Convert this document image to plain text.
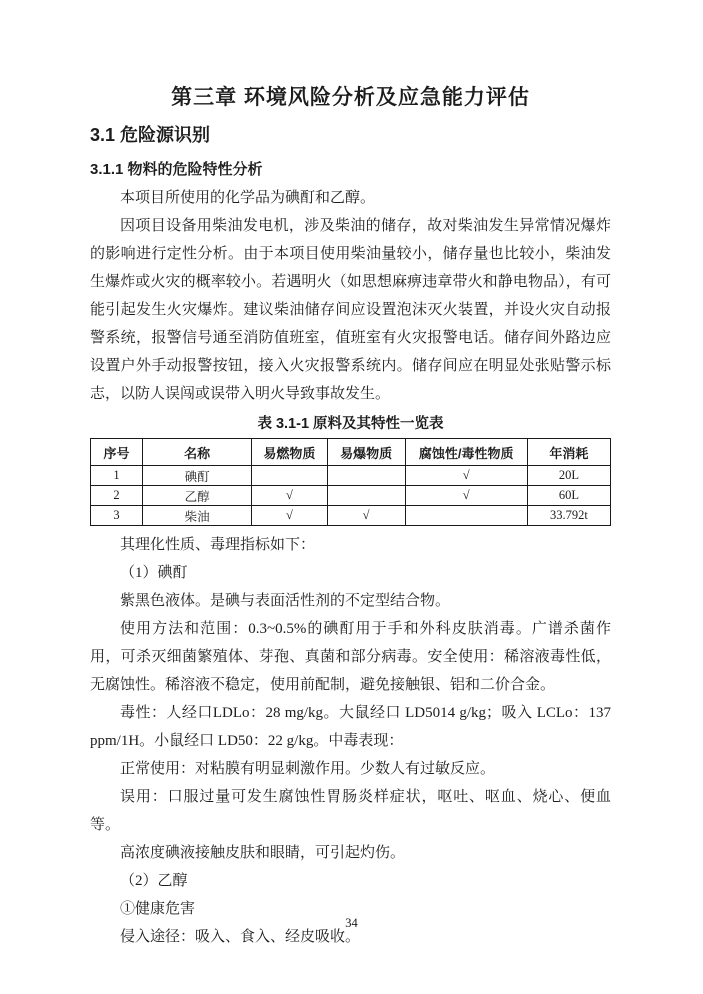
第三章 环境风险分析及应急能力评估
3.1 危险源识别
3.1.1 物料的危险特性分析

本项目所使用的化学品为碘酊和乙醇。

因项目设备用柴油发电机，涉及柴油的储存，故对柴油发生异常情况爆炸的影响进行定性分析。由于本项目使用柴油量较小，储存量也比较小，柴油发生爆炸或火灾的概率较小。若遇明火（如思想麻痹违章带火和静电物品），有可能引起发生火灾爆炸。建议柴油储存间应设置泡沫灭火装置，并设火灾自动报警系统，报警信号通至消防值班室，值班室有火灾报警电话。储存间外路边应设置户外手动报警按钮，接入火灾报警系统内。储存间应在明显处张贴警示标志，以防人误闯或误带入明火导致事故发生。

表 3.1-1 原料及其特性一览表

序号	名称	易燃物质	易爆物质	腐蚀性/毒性物质	年消耗
1	碘酊			√	20L
2	乙醇	√		√	60L
3	柴油	√	√		33.792t

其理化性质、毒理指标如下：

（1）碘酊

紫黑色液体。是碘与表面活性剂的不定型结合物。

使用方法和范围：0.3~0.5%的碘酊用于手和外科皮肤消毒。广谱杀菌作用，可杀灭细菌繁殖体、芽孢、真菌和部分病毒。安全使用：稀溶液毒性低，无腐蚀性。稀溶液不稳定，使用前配制，避免接触银、铝和二价合金。

毒性：人经口LDLo：28 mg/kg。大鼠经口 LD5014 g/kg；吸入 LCLo：137 ppm/1H。小鼠经口 LD50：22 g/kg。中毒表现：

正常使用：对粘膜有明显刺激作用。少数人有过敏反应。

误用：口服过量可发生腐蚀性胃肠炎样症状，呕吐、呕血、烧心、便血等。

高浓度碘液接触皮肤和眼睛，可引起灼伤。

（2）乙醇

①健康危害

侵入途径：吸入、食入、经皮吸收。

34
